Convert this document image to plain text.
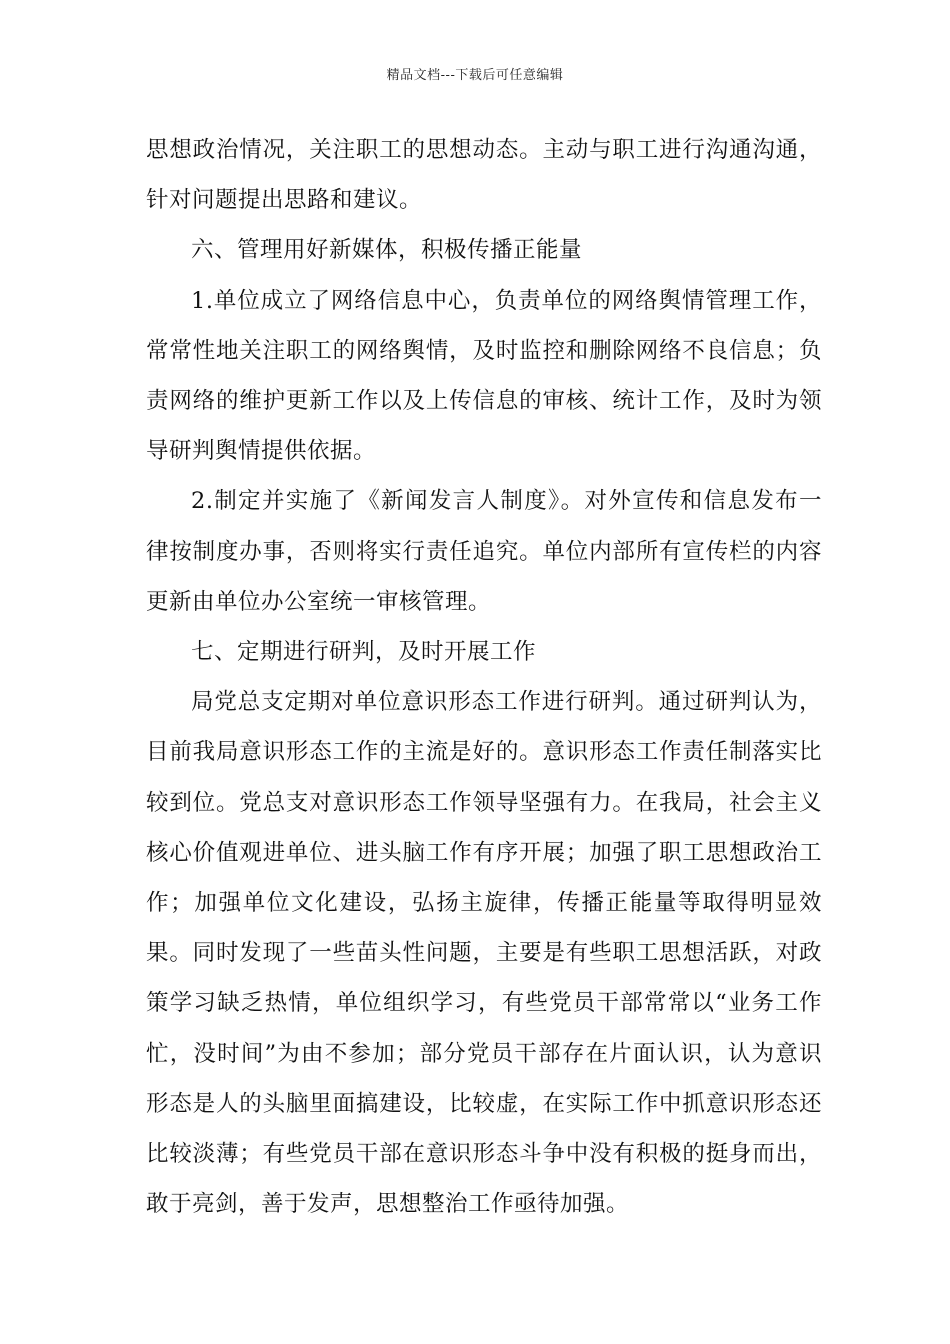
精品文档---下载后可任意编辑

思想政治情况，关注职工的思想动态。主动与职工进行沟通沟通，针对问题提出思路和建议。

六、管理用好新媒体，积极传播正能量

1.单位成立了网络信息中心，负责单位的网络舆情管理工作，常常性地关注职工的网络舆情，及时监控和删除网络不良信息；负责网络的维护更新工作以及上传信息的审核、统计工作，及时为领导研判舆情提供依据。

2.制定并实施了《新闻发言人制度》。对外宣传和信息发布一律按制度办事，否则将实行责任追究。单位内部所有宣传栏的内容更新由单位办公室统一审核管理。

七、定期进行研判，及时开展工作

局党总支定期对单位意识形态工作进行研判。通过研判认为，目前我局意识形态工作的主流是好的。意识形态工作责任制落实比较到位。党总支对意识形态工作领导坚强有力。在我局，社会主义核心价值观进单位、进头脑工作有序开展；加强了职工思想政治工作；加强单位文化建设，弘扬主旋律，传播正能量等取得明显效果。同时发现了一些苗头性问题，主要是有些职工思想活跃，对政策学习缺乏热情，单位组织学习，有些党员干部常常以“业务工作忙，没时间”为由不参加；部分党员干部存在片面认识，认为意识形态是人的头脑里面搞建设，比较虚，在实际工作中抓意识形态还比较淡薄；有些党员干部在意识形态斗争中没有积极的挺身而出，敢于亮剑，善于发声，思想整治工作亟待加强。
